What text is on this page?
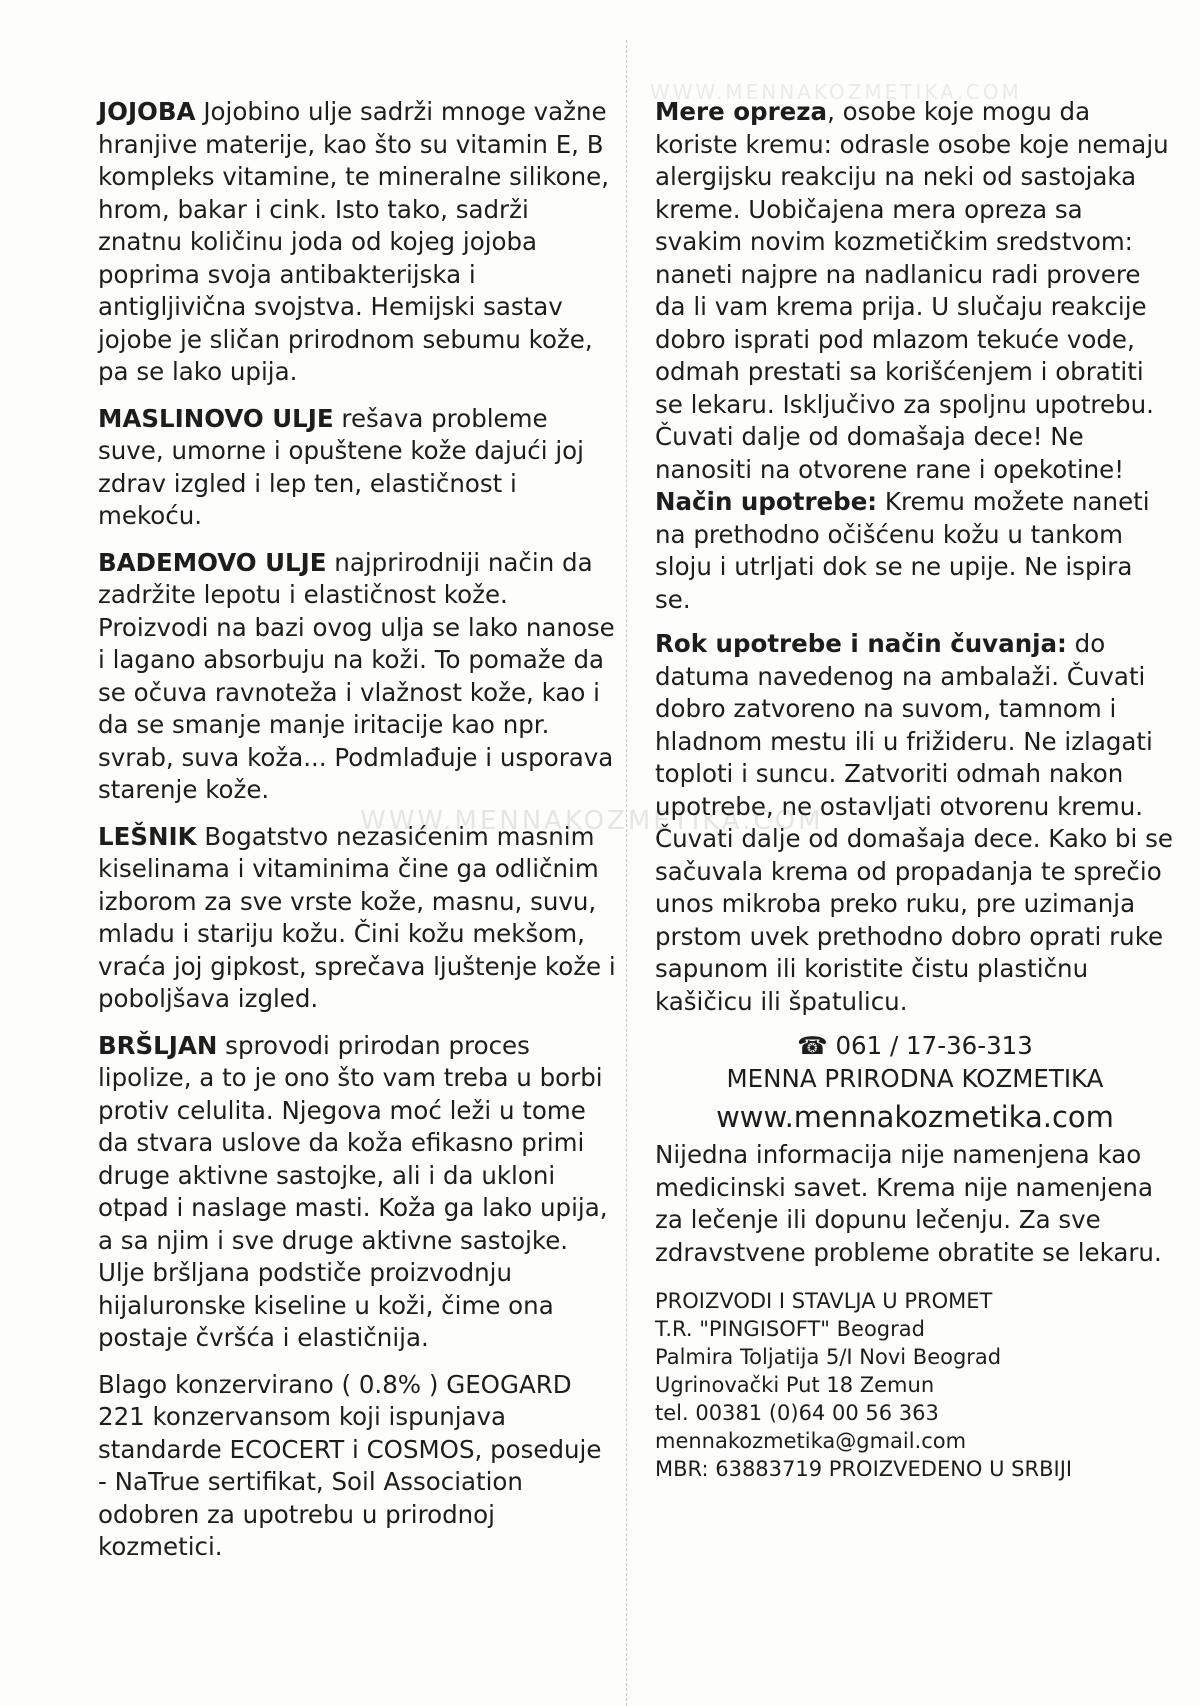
WWW.MENNAKOZMETIKA.COM
WWW.MENNAKOZMETIKA.COM

JOJOBA Jojobino ulje sadrži mnoge važne hranjive materije, kao što su vitamin E, B kompleks vitamine, te mineralne silikone, hrom, bakar i cink. Isto tako, sadrži znatnu količinu joda od kojeg jojoba poprima svoja antibakterijska i antigljivična svojstva. Hemijski sastav jojobe je sličan prirodnom sebumu kože, pa se lako upija.

MASLINOVO ULJE rešava probleme suve, umorne i opuštene kože dajući joj zdrav izgled i lep ten, elastičnost i mekoću.

BADEMOVO ULJE najprirodniji način da zadržite lepotu i elastičnost kože. Proizvodi na bazi ovog ulja se lako nanose i lagano absorbuju na koži. To pomaže da se očuva ravnoteža i vlažnost kože, kao i da se smanje manje iritacije kao npr. svrab, suva koža... Podmlađuje i usporava starenje kože.

LEŠNIK Bogatstvo nezasićenim masnim kiselinama i vitaminima čine ga odličnim izborom za sve vrste kože, masnu, suvu, mladu i stariju kožu. Čini kožu mekšom, vraća joj gipkost, sprečava ljuštenje kože i poboljšava izgled.

BRŠLJAN sprovodi prirodan proces lipolize, a to je ono što vam treba u borbi protiv celulita. Njegova moć leži u tome da stvara uslove da koža efikasno primi druge aktivne sastojke, ali i da ukloni otpad i naslage masti. Koža ga lako upija, a sa njim i sve druge aktivne sastojke. Ulje bršljana podstiče proizvodnju hijaluronske kiseline u koži, čime ona postaje čvršća i elastičnija.

Blago konzervirano ( 0.8% ) GEOGARD 221 konzervansom koji ispunjava standarde ECOCERT i COSMOS, poseduje - NaTrue sertifikat, Soil Association odobren za upotrebu u prirodnoj kozmetici.

Mere opreza, osobe koje mogu da koriste kremu: odrasle osobe koje nemaju alergijsku reakciju na neki od sastojaka kreme. Uobičajena mera opreza sa svakim novim kozmetičkim sredstvom: naneti najpre na nadlanicu radi provere da li vam krema prija. U slučaju reakcije dobro isprati pod mlazom tekuće vode, odmah prestati sa korišćenjem i obratiti se lekaru. Isključivo za spoljnu upotrebu. Čuvati dalje od domašaja dece! Ne nanositi na otvorene rane i opekotine!

Način upotrebe: Kremu možete naneti na prethodno očišćenu kožu u tankom sloju i utrljati dok se ne upije. Ne ispira se.

Rok upotrebe i način čuvanja: do datuma navedenog na ambalaži. Čuvati dobro zatvoreno na suvom, tamnom i hladnom mestu ili u frižideru. Ne izlagati toploti i suncu. Zatvoriti odmah nakon upotrebe, ne ostavljati otvorenu kremu. Čuvati dalje od domašaja dece. Kako bi se sačuvala krema od propadanja te sprečio unos mikroba preko ruku, pre uzimanja prstom uvek prethodno dobro oprati ruke sapunom ili koristite čistu plastičnu kašičicu ili špatulicu.

☎ 061 / 17-36-313

MENNA PRIRODNA KOZMETIKA

www.mennakozmetika.com

Nijedna informacija nije namenjena kao medicinski savet. Krema nije namenjena za lečenje ili dopunu lečenju. Za sve zdravstvene probleme obratite se lekaru.

PROIZVODI I STAVLJA U PROMET
T.R. "PINGISOFT" Beograd
Palmira Toljatija 5/I Novi Beograd
Ugrinovački Put 18 Zemun
tel. 00381 (0)64 00 56 363
mennakozmetika@gmail.com
MBR: 63883719 PROIZVEDENO U SRBIJI
